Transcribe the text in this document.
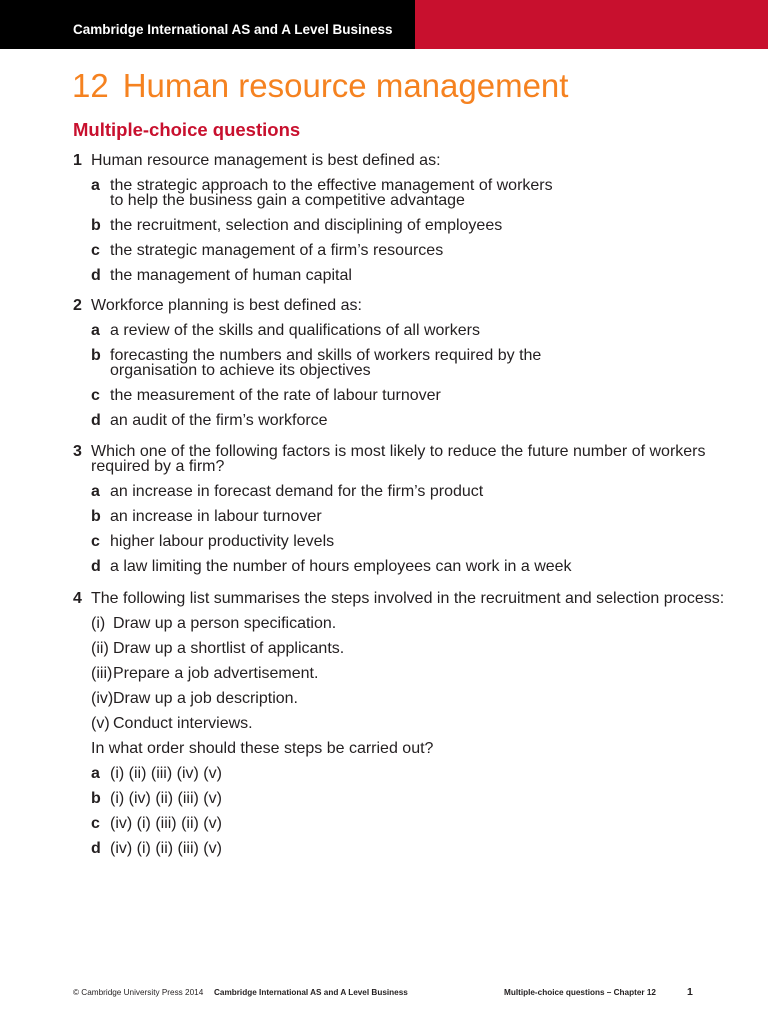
Cambridge International AS and A Level Business
12 Human resource management
Multiple-choice questions
1 Human resource management is best defined as:
a the strategic approach to the effective management of workers
to help the business gain a competitive advantage
b the recruitment, selection and disciplining of employees
c the strategic management of a firm’s resources
d the management of human capital
2 Workforce planning is best defined as:
a a review of the skills and qualifications of all workers
b forecasting the numbers and skills of workers required by the
organisation to achieve its objectives
c the measurement of the rate of labour turnover
d an audit of the firm’s workforce
3 Which one of the following factors is most likely to reduce the future number of workers
required by a firm?
a an increase in forecast demand for the firm’s product
b an increase in labour turnover
c higher labour productivity levels
d a law limiting the number of hours employees can work in a week
4 The following list summarises the steps involved in the recruitment and selection process:
(i) Draw up a person specification.
(ii) Draw up a shortlist of applicants.
(iii) Prepare a job advertisement.
(iv) Draw up a job description.
(v) Conduct interviews.
In what order should these steps be carried out?
a (i) (ii) (iii) (iv) (v)
b (i) (iv) (ii) (iii) (v)
c (iv) (i) (iii) (ii) (v)
d (iv) (i) (ii) (iii) (v)
© Cambridge University Press 2014 Cambridge International AS and A Level Business	Multiple-choice questions – Chapter 12	1
